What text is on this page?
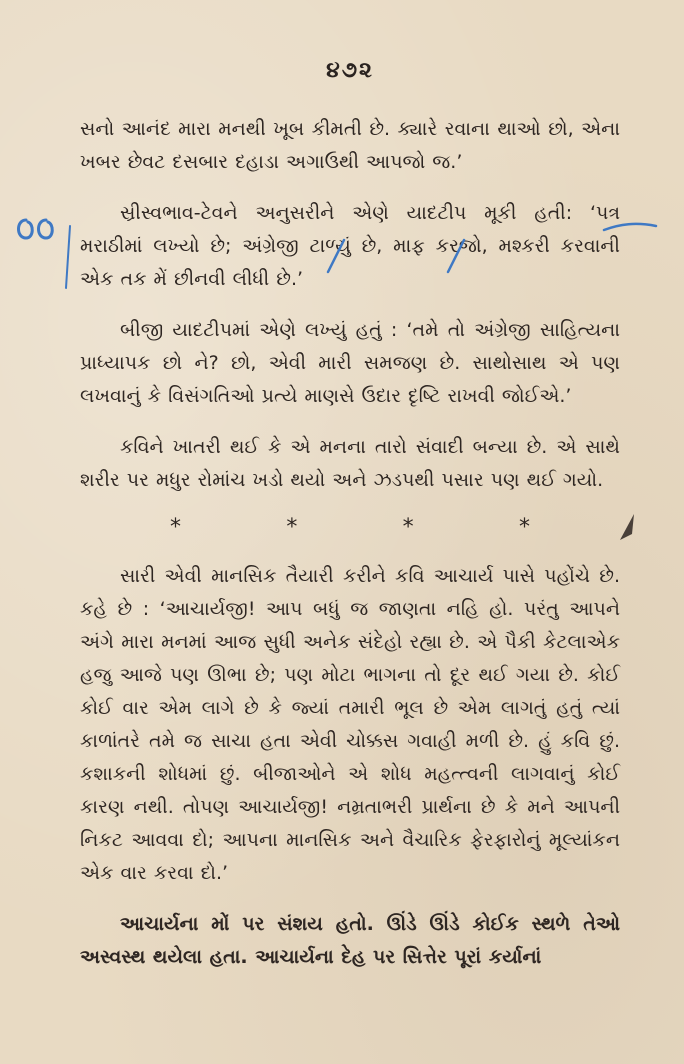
૪૭૨

સનો આનંદ મારા મનથી ખૂબ કીમતી છે. ક્યારે રવાના થાઓ છો, એના ખબર છેવટ દસબાર દહાડા અગાઉથી આપજો જ.’

સ્રીસ્વભાવ-ટેવને અનુસરીને એણે યાદટીપ મૂકી હતી: ‘પત્ર મરાઠીમાં લખ્યો છે; અંગ્રેજી ટાળ્યું છે, માફ કરજો, મશ્કરી કરવાની એક તક મેં છીનવી લીધી છે.’

બીજી યાદટીપમાં એણે લખ્યું હતું : ‘તમે તો અંગ્રેજી સાહિત્યના પ્રાધ્યાપક છો ને? છો, એવી મારી સમજણ છે. સાથોસાથ એ પણ લખવાનું કે વિસંગતિઓ પ્રત્યે માણસે ઉદાર દૃષ્ટિ રાખવી જોઈએ.’

કવિને ખાતરી થઈ કે એ મનના તારો સંવાદી બન્યા છે. એ સાથે શરીર પર મધુર રોમાંચ ખડો થયો અને ઝડપથી પસાર પણ થઈ ગયો.

*	*	*	*

સારી એવી માનસિક તૈયારી કરીને કવિ આચાર્ય પાસે પહોંચે છે. કહે છે : ‘આચાર્યજી! આપ બધું જ જાણતા નહિ હો. પરંતુ આપને અંગે મારા મનમાં આજ સુધી અનેક સંદેહો રહ્યા છે. એ પૈકી કેટલાએક હજુ આજે પણ ઊભા છે; પણ મોટા ભાગના તો દૂર થઈ ગયા છે. કોઈ કોઈ વાર એમ લાગે છે કે જ્યાં તમારી ભૂલ છે એમ લાગતું હતું ત્યાં કાળાંતરે તમે જ સાચા હતા એવી ચોક્કસ ગવાહી મળી છે. હું કવિ છું. કશાકની શોધમાં છું. બીજાઓને એ શોધ મહત્ત્વની લાગવાનું કોઈ કારણ નથી. તોપણ આચાર્યજી! નમ્રતાભરી પ્રાર્થના છે કે મને આપની નિકટ આવવા દો; આપના માનસિક અને વૈચારિક ફેરફારોનું મૂલ્યાંકન એક વાર કરવા દો.’

આચાર્યના મોં પર સંશય હતો. ઊંડે ઊંડે કોઈક સ્થળે તેઓ અસ્વસ્થ થયેલા હતા. આચાર્યના દેહ પર સિત્તેર પૂરાં કર્યાનાં
